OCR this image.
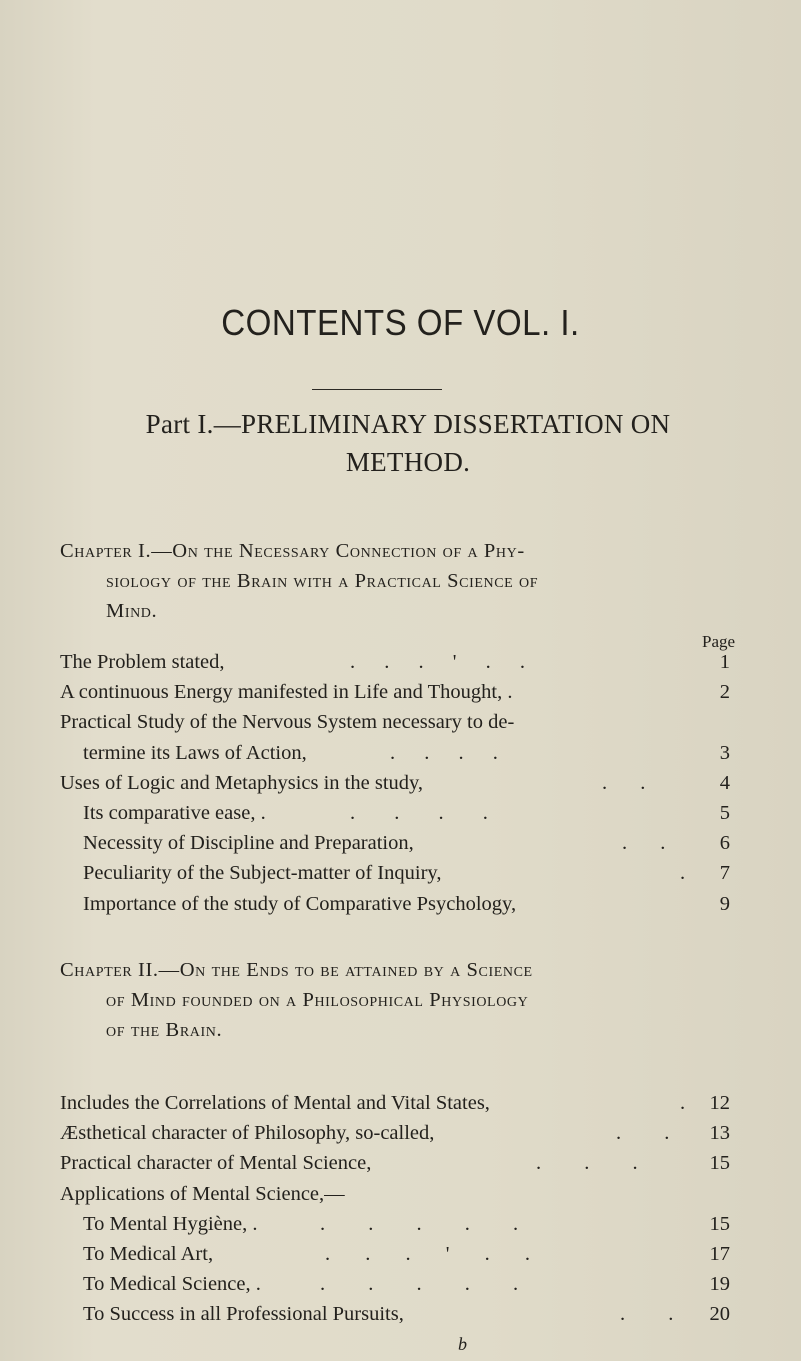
CONTENTS OF VOL. I.
Part I.—PRELIMINARY DISSERTATION ON
METHOD.
Chapter I.—On the Necessary Connection of a Phy-
siology of the Brain with a Practical Science of
Mind.
Page
The Problem stated,	. . . ' . .	1
A continuous Energy manifested in Life and Thought, .	2
Practical Study of the Nervous System necessary to de-
termine its Laws of Action,	. . . .	3
Uses of Logic and Metaphysics in the study,	. .	4
Its comparative ease, .	. . . .	5
Necessity of Discipline and Preparation,	. .	6
Peculiarity of the Subject-matter of Inquiry,	. 7
Importance of the study of Comparative Psychology,	9
Chapter II.—On the Ends to be attained by a Science
of Mind founded on a Philosophical Physiology
of the Brain.
Includes the Correlations of Mental and Vital States,	. 12
Æsthetical character of Philosophy, so-called,	. . 13
Practical character of Mental Science,	. . .	15
Applications of Mental Science,—
To Mental Hygiène, .	. . . . .	15
To Medical Art,	. . . ' . .	17
To Medical Science, .	. . . . .	19
To Success in all Professional Pursuits,	. . 20
b
